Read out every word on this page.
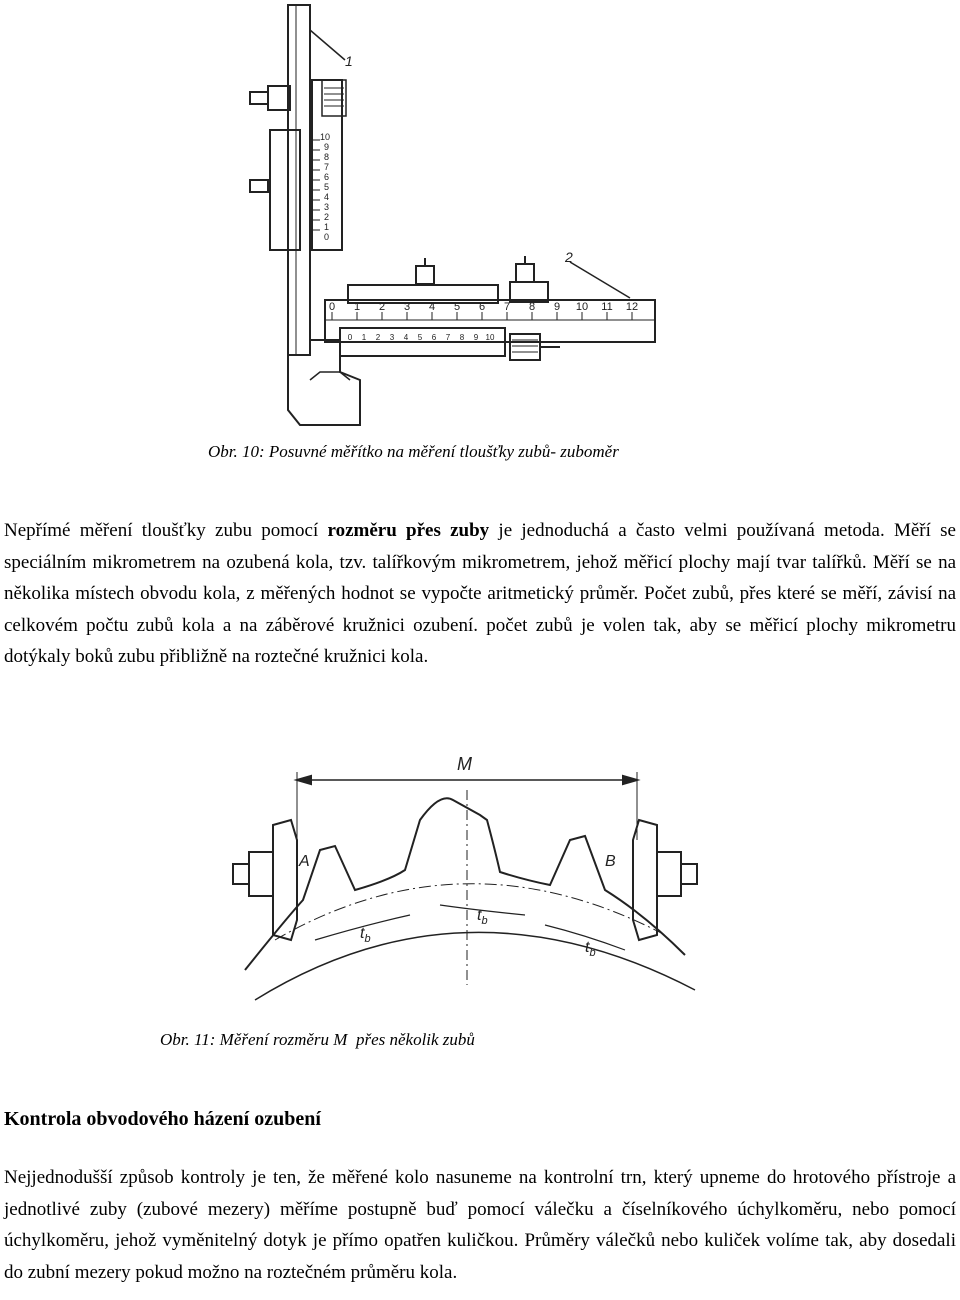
0
1
2
3
4
5
6
7
8
9
10
0 1 2 3 4 5 6 7 8 9 10 11 12
0 1 2 3 4 5 6 7 8 9 10
1
2
Obr. 10: Posuvné měřítko na měření tloušťky zubů- zuboměr

Nepřímé měření tloušťky zubu pomocí rozměru přes zuby je jednoduchá a často velmi používaná metoda. Měří se speciálním mikrometrem na ozubená kola, tzv. talířkovým mikrometrem, jehož měřicí plochy mají tvar talířků. Měří se na několika místech obvodu kola, z měřených hodnot se vypočte aritmetický průměr. Počet zubů, přes které se měří, závisí na celkovém počtu zubů kola a na záběrové kružnici ozubení. počet zubů je volen tak, aby se měřicí plochy mikrometru dotýkaly boků zubu přibližně na roztečné kružnici kola.

M
A	B
$t_b$
$t_b$
$t_b$
Obr. 11: Měření rozměru M  přes několik zubů
Kontrola obvodového házení ozubení

Nejjednodušší způsob kontroly je ten, že měřené kolo nasuneme na kontrolní trn, který upneme do hrotového přístroje a jednotlivé zuby (zubové mezery) měříme postupně buď pomocí válečku a číselníkového úchylkoměru, nebo pomocí úchylkoměru, jehož vyměnitelný dotyk je přímo opatřen kuličkou. Průměry válečků nebo kuliček volíme tak, aby dosedali do zubní mezery pokud možno na roztečném průměru kola.
